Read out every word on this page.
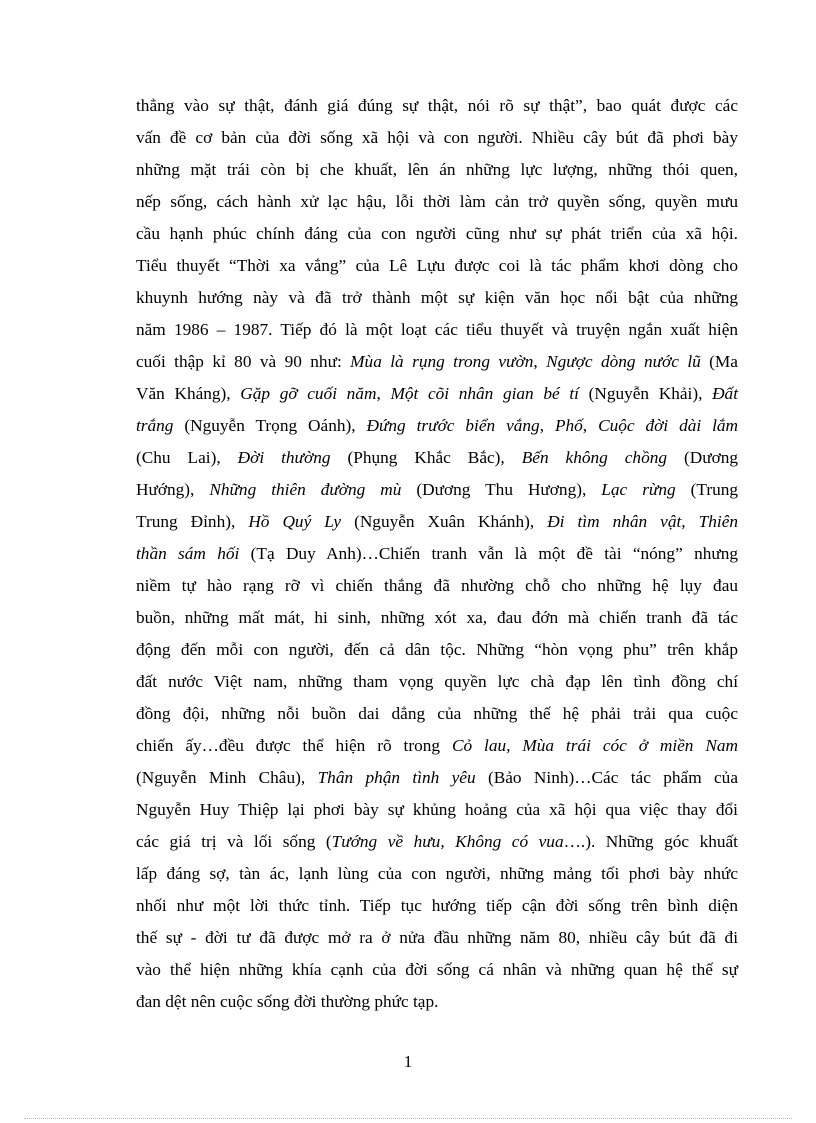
thẳng vào sự thật, đánh giá đúng sự thật, nói rõ sự thật”, bao quát được các
vấn đề cơ bản của đời sống xã hội và con người. Nhiều cây bút đã phơi bày
những mặt trái còn bị che khuất, lên án những lực lượng, những thói quen,
nếp sống, cách hành xử lạc hậu, lỗi thời làm cản trở quyền sống, quyền mưu
cầu hạnh phúc chính đáng của con người cũng như sự phát triển của xã hội.
Tiểu thuyết “Thời xa vắng” của Lê Lựu được coi là tác phẩm khơi dòng cho
khuynh hướng này và đã trở thành một sự kiện văn học nổi bật của những
năm 1986 – 1987. Tiếp đó là một loạt các tiểu thuyết và truyện ngắn xuất hiện
cuối thập kỉ 80 và 90 như: Mùa là rụng trong vườn, Ngược dòng nước lũ (Ma
Văn Kháng), Gặp gỡ cuối năm, Một cõi nhân gian bé tí (Nguyễn Khải), Đất
trắng (Nguyễn Trọng Oánh), Đứng trước biển vắng, Phố, Cuộc đời dài lắm
(Chu Lai), Đời thường (Phụng Khắc Bắc), Bến không chồng (Dương
Hướng), Những thiên đường mù (Dương Thu Hương), Lạc rừng (Trung
Trung Đỉnh), Hồ Quý Ly (Nguyễn Xuân Khánh), Đi tìm nhân vật, Thiên
thần sám hối (Tạ Duy Anh)…Chiến tranh vẫn là một đề tài “nóng” nhưng
niềm tự hào rạng rỡ vì chiến thắng đã nhường chỗ cho những hệ lụy đau
buồn, những mất mát, hi sinh, những xót xa, đau đớn mà chiến tranh đã tác
động đến mỗi con người, đến cả dân tộc. Những “hòn vọng phu” trên khắp
đất nước Việt nam, những tham vọng quyền lực chà đạp lên tình đồng chí
đồng đội, những nỗi buồn dai dẳng của những thế hệ phải trải qua cuộc
chiến ấy…đều được thể hiện rõ trong Cỏ lau, Mùa trái cóc ở miền Nam
(Nguyễn Minh Châu), Thân phận tình yêu (Bảo Ninh)…Các tác phẩm của
Nguyễn Huy Thiệp lại phơi bày sự khủng hoảng của xã hội qua việc thay đổi
các giá trị và lối sống (Tướng về hưu, Không có vua….). Những góc khuất
lấp đáng sợ, tàn ác, lạnh lùng của con người, những mảng tối phơi bày nhức
nhối như một lời thức tỉnh. Tiếp tục hướng tiếp cận đời sống trên bình diện
thế sự - đời tư đã được mở ra ở nửa đầu những năm 80, nhiều cây bút đã đi
vào thể hiện những khía cạnh của đời sống cá nhân và những quan hệ thế sự
đan dệt nên cuộc sống đời thường phức tạp.
1
